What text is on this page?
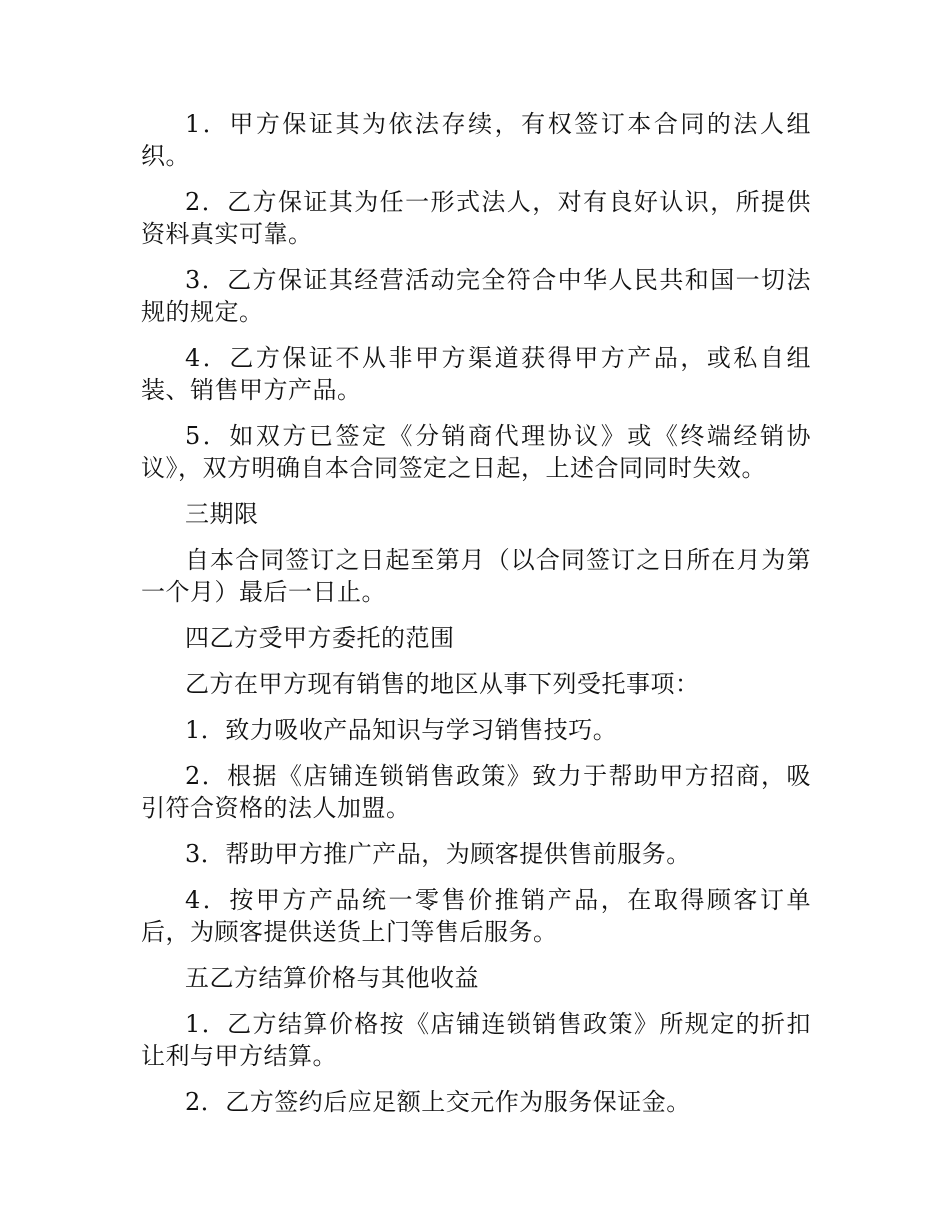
1．甲方保证其为依法存续，有权签订本合同的法人组织。

2．乙方保证其为任一形式法人，对有良好认识，所提供资料真实可靠。

3．乙方保证其经营活动完全符合中华人民共和国一切法规的规定。

4．乙方保证不从非甲方渠道获得甲方产品，或私自组装、销售甲方产品。

5．如双方已签定《分销商代理协议》或《终端经销协议》，双方明确自本合同签定之日起，上述合同同时失效。

三期限

自本合同签订之日起至第月（以合同签订之日所在月为第一个月）最后一日止。

四乙方受甲方委托的范围

乙方在甲方现有销售的地区从事下列受托事项：

1．致力吸收产品知识与学习销售技巧。

2．根据《店铺连锁销售政策》致力于帮助甲方招商，吸引符合资格的法人加盟。

3．帮助甲方推广产品，为顾客提供售前服务。

4．按甲方产品统一零售价推销产品，在取得顾客订单后，为顾客提供送货上门等售后服务。

五乙方结算价格与其他收益

1．乙方结算价格按《店铺连锁销售政策》所规定的折扣让利与甲方结算。

2．乙方签约后应足额上交元作为服务保证金。
